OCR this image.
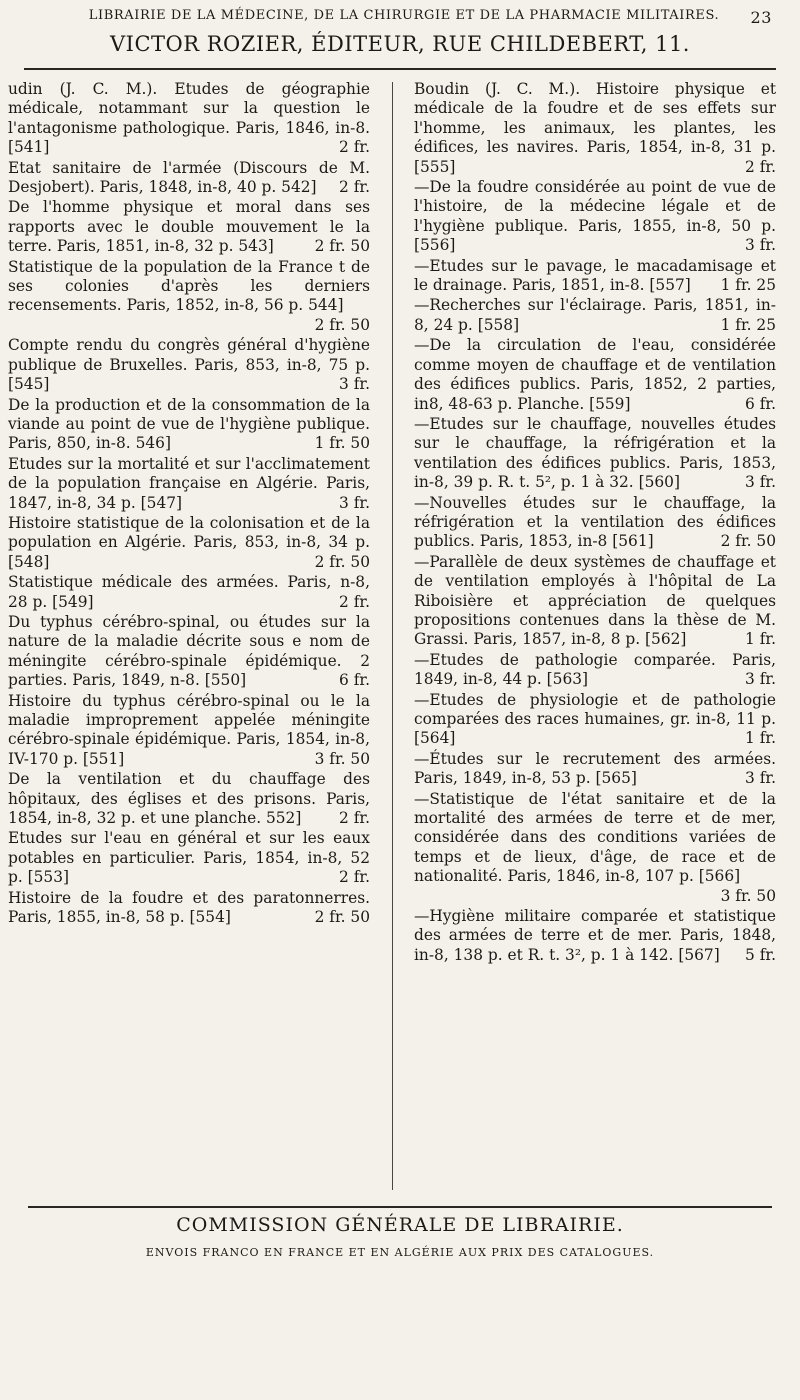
LIBRAIRIE DE LA MÉDECINE, DE LA CHIRURGIE ET DE LA PHARMACIE MILITAIRES. 23
VICTOR ROZIER, ÉDITEUR, RUE CHILDEBERT, 11.
udin (J. C. M.). Etudes de géographie médicale, notammant sur la question le l'antagonisme pathologique. Paris, 1846, in-8. [541]	2 fr.
Etat sanitaire de l'armée (Discours de M. Desjobert). Paris, 1848, in-8, 40 p. 542] 2 fr.
De l'homme physique et moral dans ses rapports avec le double mouvement le la terre. Paris, 1851, in-8, 32 p. 543]	2 fr. 50
Statistique de la population de la France t de ses colonies d'après les derniers recensements. Paris, 1852, in-8, 56 p. 544]
2 fr. 50
Compte rendu du congrès général d'hygiène publique de Bruxelles. Paris, 853, in-8, 75 p. [545]	3 fr.
De la production et de la consommation de la viande au point de vue de l'hygiène publique. Paris, 850, in-8. 546]	1 fr. 50
Etudes sur la mortalité et sur l'acclimatement de la population française en Algérie. Paris, 1847, in-8, 34 p. [547]	3 fr.
Histoire statistique de la colonisation et de la population en Algérie. Paris, 853, in-8, 34 p. [548]	2 fr. 50
Statistique médicale des armées. Paris, n-8, 28 p. [549]	2 fr.
Du typhus cérébro-spinal, ou études sur la nature de la maladie décrite sous e nom de méningite cérébro-spinale épidémique. 2 parties. Paris, 1849, n-8. [550]	6 fr.
Histoire du typhus cérébro-spinal ou le la maladie improprement appelée méningite cérébro-spinale épidémique. Paris, 1854, in-8, IV-170 p. [551]	3 fr. 50
De la ventilation et du chauffage des hôpitaux, des églises et des prisons. Paris, 1854, in-8, 32 p. et une planche. 552] 2 fr.
Etudes sur l'eau en général et sur les eaux potables en particulier. Paris, 1854, in-8, 52 p. [553]	2 fr.
Histoire de la foudre et des paratonnerres. Paris, 1855, in-8, 58 p. [554]	2 fr. 50
Boudin (J. C. M.). Histoire physique et médicale de la foudre et de ses effets sur l'homme, les animaux, les plantes, les édifices, les navires. Paris, 1854, in-8, 31 p. [555]	2 fr.
—De la foudre considérée au point de vue de l'histoire, de la médecine légale et de l'hygiène publique. Paris, 1855, in-8, 50 p. [556]	3 fr.
—Etudes sur le pavage, le macadamisage et le drainage. Paris, 1851, in-8. [557] 1 fr. 25
—Recherches sur l'éclairage. Paris, 1851, in-8, 24 p. [558]	1 fr. 25
—De la circulation de l'eau, considérée comme moyen de chauffage et de ventilation des édifices publics. Paris, 1852, 2 parties, in8, 48-63 p. Planche. [559]	6 fr.
—Etudes sur le chauffage, nouvelles études sur le chauffage, la réfrigération et la ventilation des édifices publics. Paris, 1853, in-8, 39 p. R. t. 5², p. 1 à 32. [560]	3 fr.
—Nouvelles études sur le chauffage, la réfrigération et la ventilation des édifices publics. Paris, 1853, in-8 [561]	2 fr. 50
—Parallèle de deux systèmes de chauffage et de ventilation employés à l'hôpital de La Riboisière et appréciation de quelques propositions contenues dans la thèse de M. Grassi. Paris, 1857, in-8, 8 p. [562]	1 fr.
—Etudes de pathologie comparée. Paris, 1849, in-8, 44 p. [563]	3 fr.
—Etudes de physiologie et de pathologie comparées des races humaines, gr. in-8, 11 p. [564]	1 fr.
—Études sur le recrutement des armées. Paris, 1849, in-8, 53 p. [565]	3 fr.
—Statistique de l'état sanitaire et de la mortalité des armées de terre et de mer, considérée dans des conditions variées de temps et de lieux, d'âge, de race et de nationalité. Paris, 1846, in-8, 107 p. [566]
3 fr. 50
—Hygiène militaire comparée et statistique des armées de terre et de mer. Paris, 1848, in-8, 138 p. et R. t. 3², p. 1 à 142. [567] 5 fr.
COMMISSION GÉNÉRALE DE LIBRAIRIE.
ENVOIS FRANCO EN FRANCE ET EN ALGÉRIE AUX PRIX DES CATALOGUES.
